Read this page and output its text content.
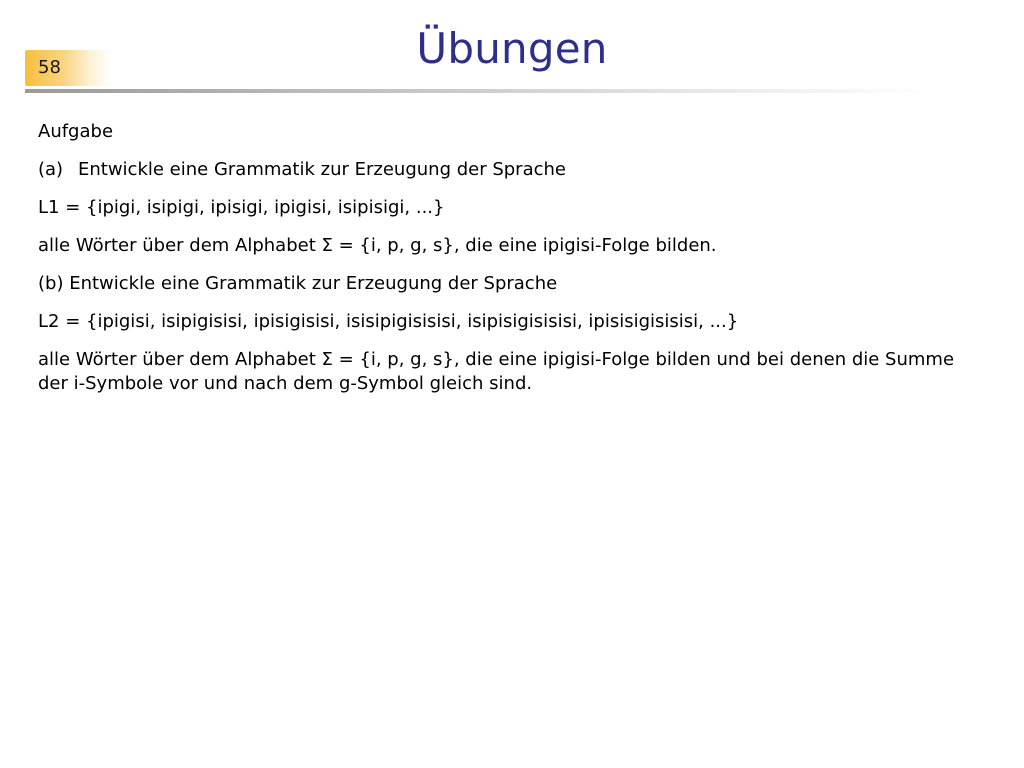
58	Übungen

Aufgabe

(a) Entwickle eine Grammatik zur Erzeugung der Sprache

L1 = {ipigi, isipigi, ipisigi, ipigisi, isipisigi, ...}

alle Wörter über dem Alphabet Σ = {i, p, g, s}, die eine ipigisi-Folge bilden.

(b) Entwickle eine Grammatik zur Erzeugung der Sprache

L2 = {ipigisi, isipigisisi, ipisigisisi, isisipigisisisi, isipisigisisisi, ipisisigisisisi, ...}

alle Wörter über dem Alphabet Σ = {i, p, g, s}, die eine ipigisi-Folge bilden und bei denen die Summe der i-Symbole vor und nach dem g-Symbol gleich sind.
